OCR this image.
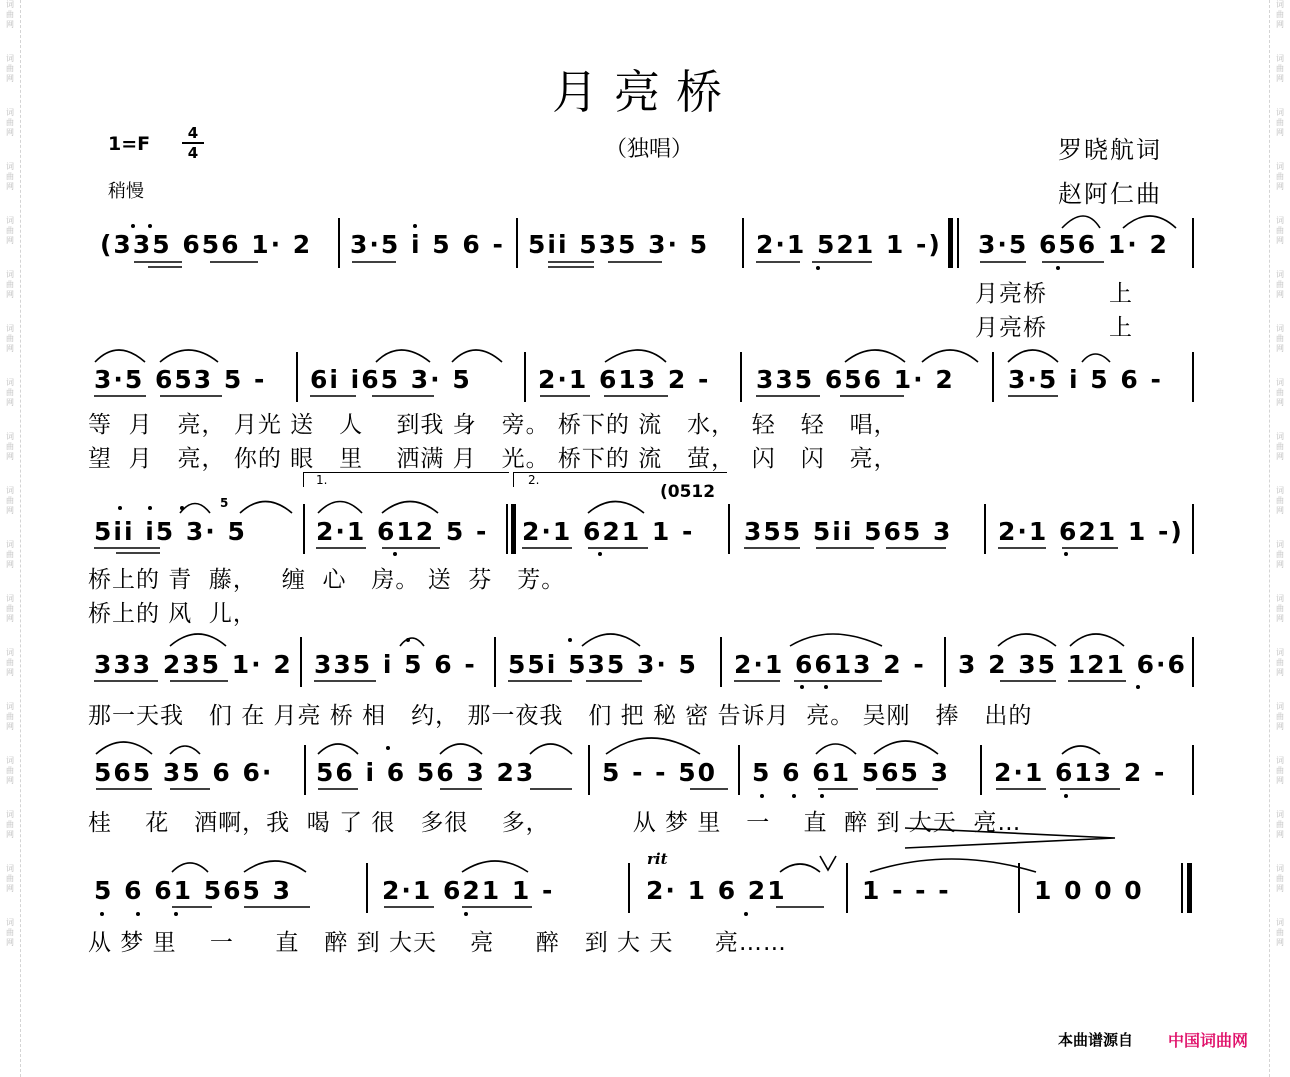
词
曲
网
词
曲
网
词
曲
网
词
曲
网
词
曲
网
词
曲
网
词
曲
网
词
曲
网
词
曲
网
词
曲
网
词
曲
网
词
曲
网
词
曲
网
词
曲
网
词
曲
网
词
曲
网
词
曲
网
词
曲
网
词
曲
网
词
曲
网
词
曲
网
词
曲
网
词
曲
网
词
曲
网
词
曲
网
词
曲
网
词
曲
网
词
曲
网
词
曲
网
词
曲
网
词
曲
网
词
曲
网
词
曲
网
词
曲
网
词
曲
网
词
曲
网
月亮桥
1=F	4
4
稍慢
（独唱）	罗晓航词
赵阿仁曲
(335 656 1· 2 3·5 i 5 6 - 5ii 535 3· 5 2·1 521 1 -) 3·5 656 1· 2
月亮桥	上
月亮桥	上
3·5 653 5 - 6i i65 3· 5	2·1 613 2 - 335 656 1· 2 3·5 i 5 6 -
等  月   亮， 月光 送   人    到我 身   旁。 桥下的 流   水，  轻   轻   唱，
望  月   亮， 你的 眼   里    洒满 月   光。 桥下的 流   萤，  闪   闪   亮，
1.	2.
(0512
5
5ii i5 3· 5	2·1 612 5 - 2·1 621 1 - 355 5ii 565 3 2·1 621 1 -)
桥上的 青  藤，   缠  心   房。 送  芬   芳。
桥上的 风  儿，
333 235 1· 2 335 i 5 6 - 55i 535 3· 5 2·1 6613 2 - 3 2 35 121 6·6
那一天我   们 在 月亮 桥 相   约， 那一夜我   们 把 秘 密 告诉月  亮。 吴刚   捧   出的
565 35 6 6· 56 i 6 56 3 23	5 - - 50 5 6 61 565 3 2·1 613 2 -
桂    花   酒啊，我  喝 了 很   多很    多，          从 梦 里   一    直  醉 到 大天  亮…
rit
5 6 61 565 3	2·1 621 1 -	2· 1 6 21	1 - - -	1 0 0 0
从 梦 里    一     直   醉 到 大天    亮     醉   到 大 天     亮……
本曲谱源自 中国词曲网
